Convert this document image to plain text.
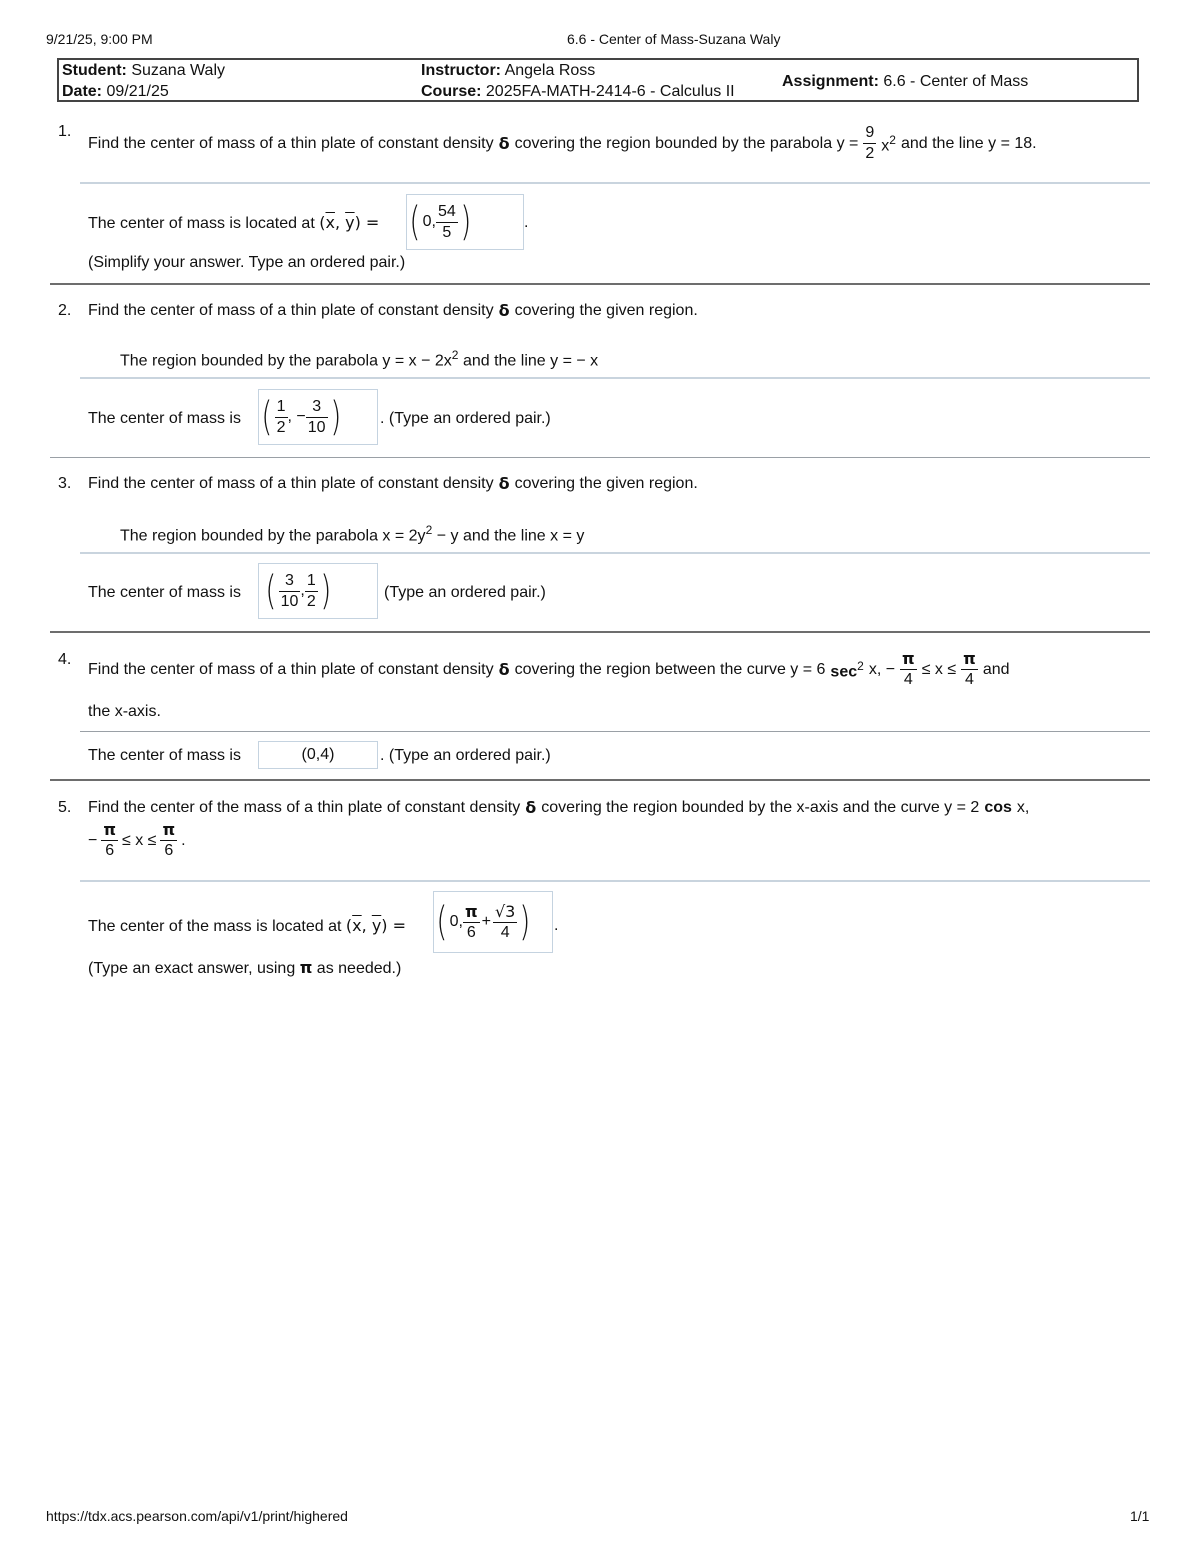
9/21/25, 9:00 PM	6.6 - Center of Mass-Suzana Waly
Student: Suzana Waly
Date: 09/21/25
Instructor: Angela Ross
Course: 2025FA-MATH-2414-6 - Calculus II
Assignment: 6.6 - Center of Mass
1.
Find the center of mass of a thin plate of constant density δ covering the region bounded by the parabola $y = \frac{9}{2} x^2$ and the line y = 18.
The center of mass is located at ($\overline{x}$, $\overline{y}$) = ( 0, $\frac{54}{5}$ )	.
(Simplify your answer. Type an ordered pair.)
2. Find the center of mass of a thin plate of constant density δ covering the given region.
The region bounded by the parabola $y = x - 2x^2$ and the line y = − x
The center of mass is ( $\frac{1}{2}$ , − $\frac{3}{10}$ ) . (Type an ordered pair.)
3. Find the center of mass of a thin plate of constant density δ covering the given region.
The region bounded by the parabola $x = 2y^2 - y$ and the line x = y
The center of mass is ( $\frac{3}{10}$ , $\frac{1}{2}$ )	(Type an ordered pair.)
4.
Find the center of mass of a thin plate of constant density δ covering the region between the curve y = 6 $\sec^2 x$, − $\frac{\pi}{4} \le x \le \frac{\pi}{4}$ and
the x-axis.
The center of mass is	(0,4)	. (Type an ordered pair.)
5. Find the center of the mass of a thin plate of constant density δ covering the region bounded by the x-axis and the curve y = 2 cos x,
− $\frac{\pi}{6} \le x \le \frac{\pi}{6}$ .
The center of the mass is located at ($\overline{x}$, $\overline{y}$) = ( 0, $\frac{\pi}{6} + \frac{√3}{4}$ ) .
(Type an exact answer, using π as needed.)
https://tdx.acs.pearson.com/api/v1/print/highered	1/1
